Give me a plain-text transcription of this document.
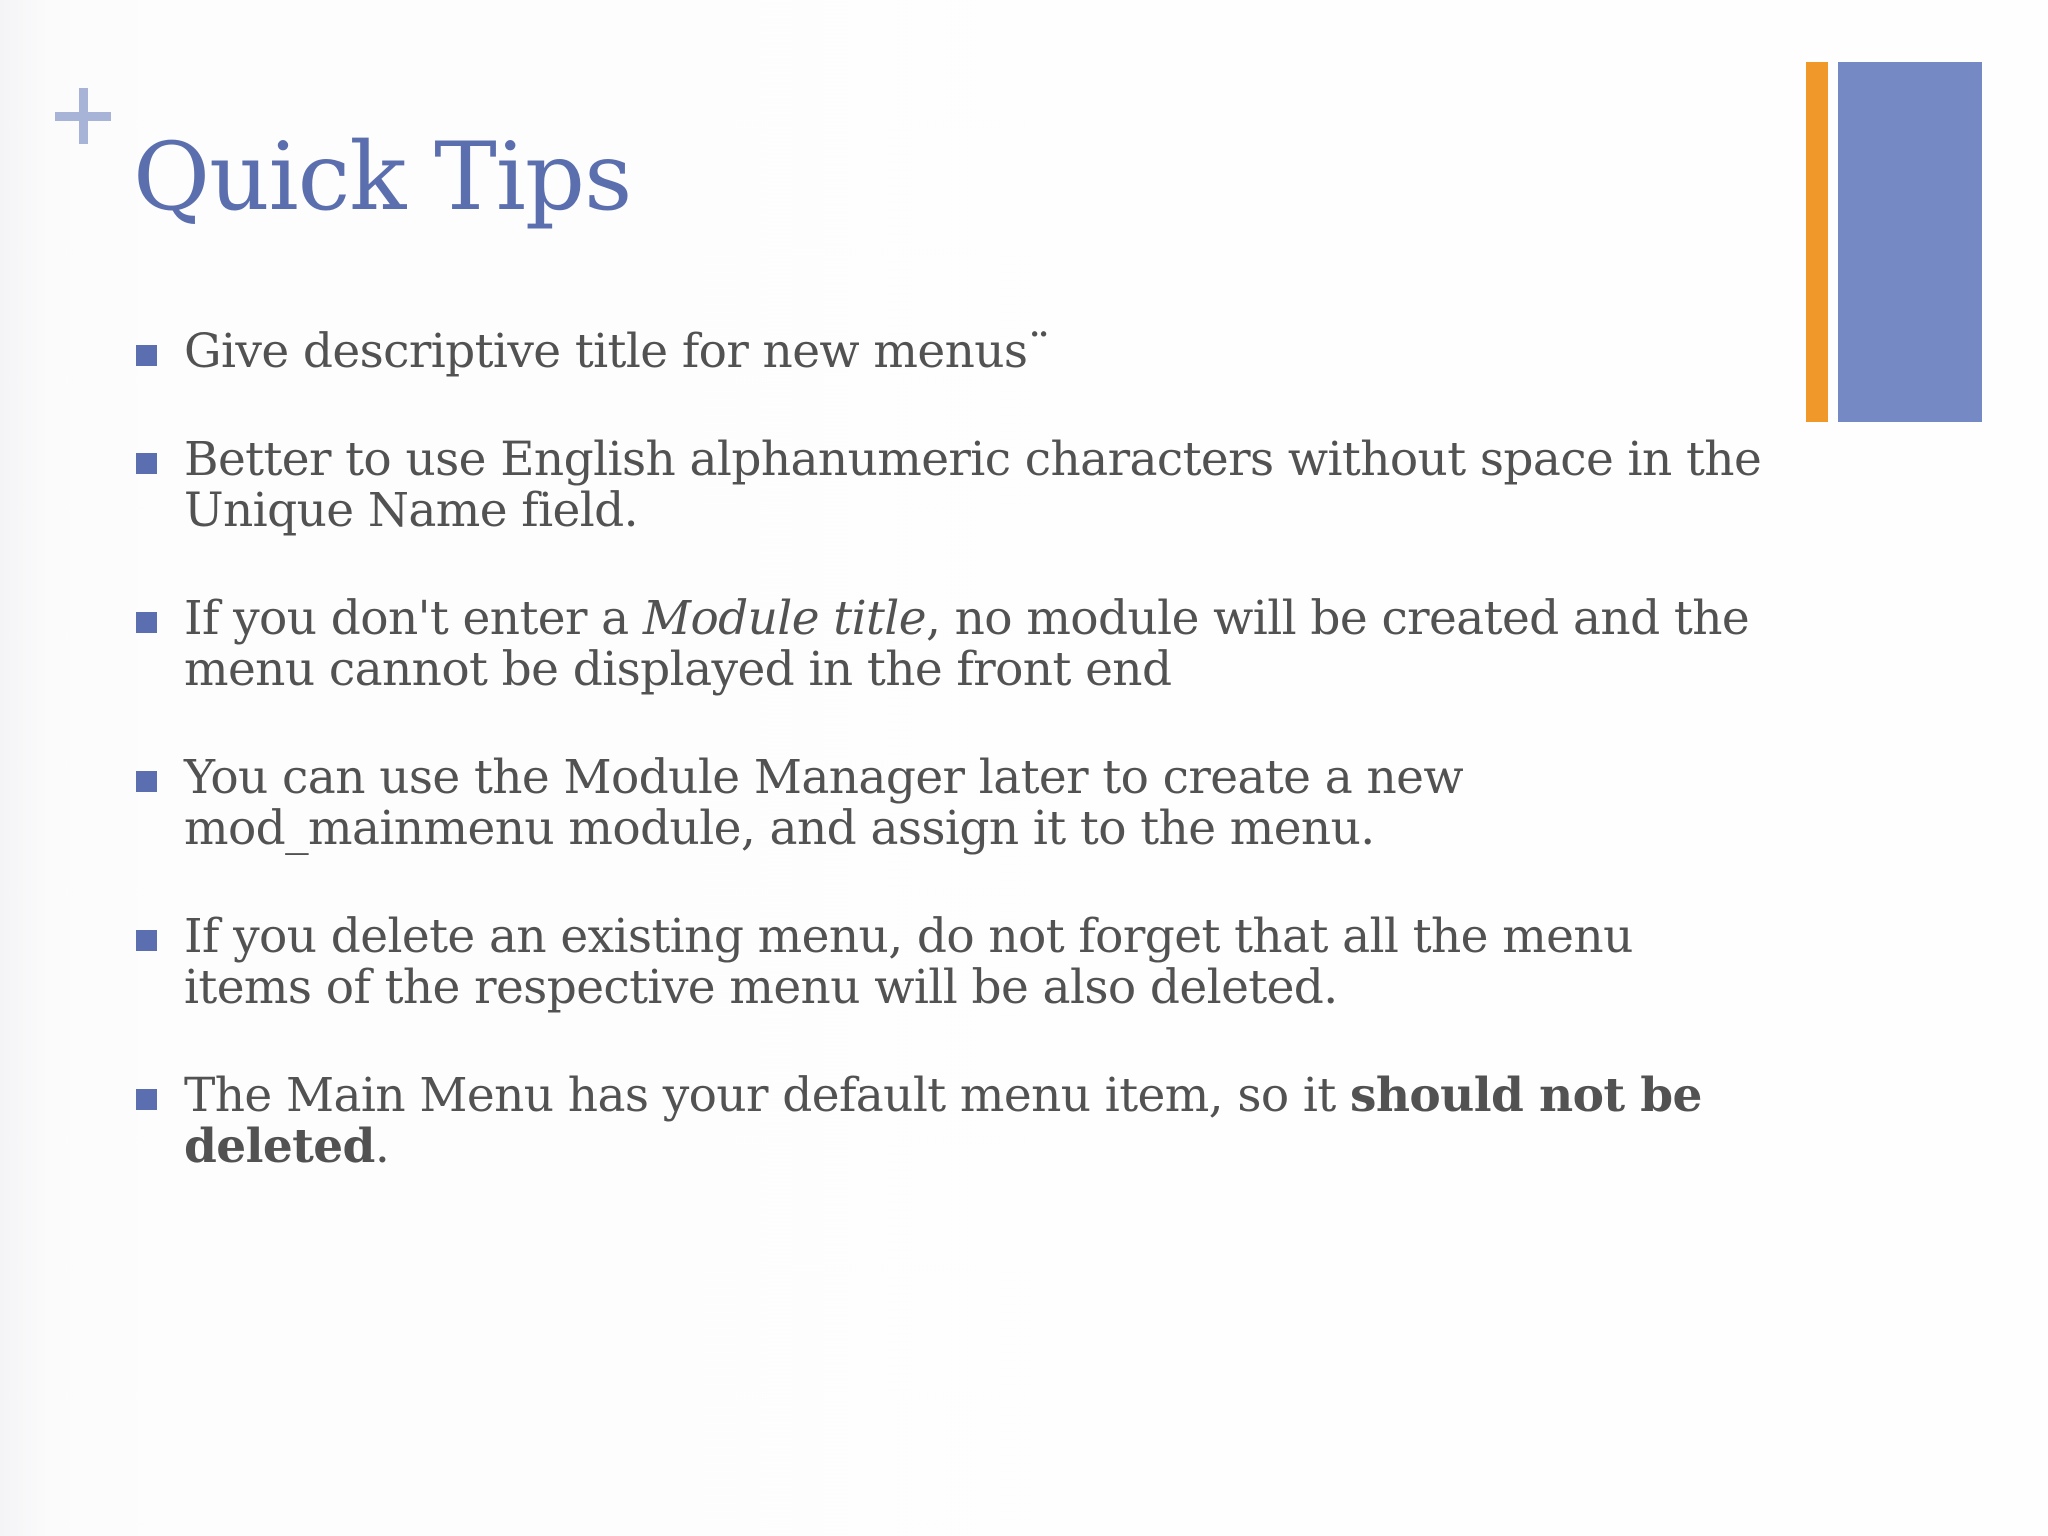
Quick Tips
Give descriptive title for new menus¨
Better to use English alphanumeric characters without space in the Unique Name field.
If you don't enter a Module title, no module will be created and the menu cannot be displayed in the front end
You can use the Module Manager later to create a new mod_mainmenu module, and assign it to the menu.
If you delete an existing menu, do not forget that all the menu items of the respective menu will be also deleted.
The Main Menu has your default menu item, so it should not be deleted.
